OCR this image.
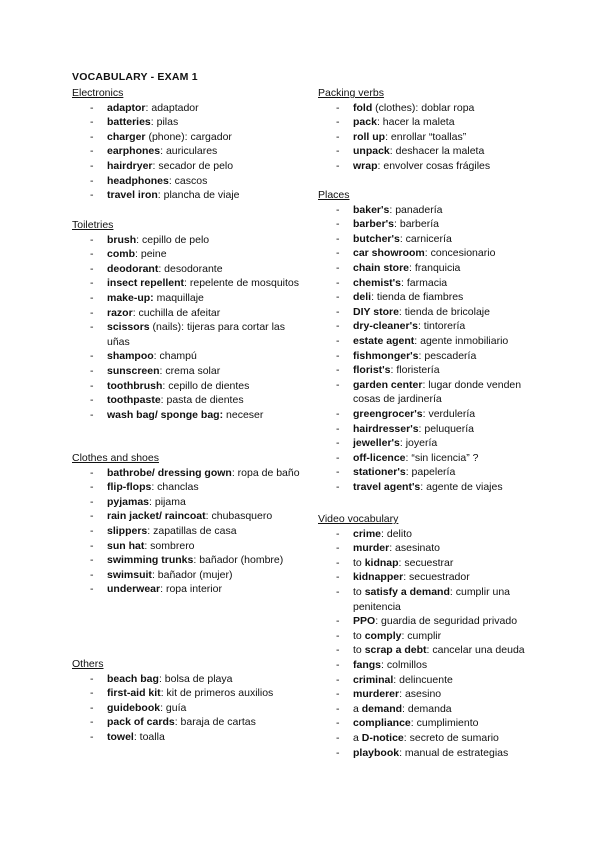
VOCABULARY - EXAM 1
Electronics
- adaptor: adaptador
- batteries: pilas
- charger (phone): cargador
- earphones: auriculares
- hairdryer: secador de pelo
- headphones: cascos
- travel iron: plancha de viaje
Toiletries
- brush: cepillo de pelo
- comb: peine
- deodorant: desodorante
- insect repellent: repelente de mosquitos
- make-up: maquillaje
- razor: cuchilla de afeitar
- scissors (nails): tijeras para cortar las uñas
- shampoo: champú
- sunscreen: crema solar
- toothbrush: cepillo de dientes
- toothpaste: pasta de dientes
- wash bag/ sponge bag: neceser
Clothes and shoes
- bathrobe/ dressing gown: ropa de baño
- flip-flops: chanclas
- pyjamas: pijama
- rain jacket/ raincoat: chubasquero
- slippers: zapatillas de casa
- sun hat: sombrero
- swimming trunks: bañador (hombre)
- swimsuit: bañador (mujer)
- underwear: ropa interior
Others
- beach bag: bolsa de playa
- first-aid kit: kit de primeros auxilios
- guidebook: guía
- pack of cards: baraja de cartas
- towel: toalla
Packing verbs
- fold (clothes): doblar ropa
- pack: hacer la maleta
- roll up: enrollar “toallas”
- unpack: deshacer la maleta
- wrap: envolver cosas frágiles
Places
- baker's: panadería
- barber's: barbería
- butcher's: carnicería
- car showroom: concesionario
- chain store: franquicia
- chemist's: farmacia
- deli: tienda de fiambres
- DIY store: tienda de bricolaje
- dry-cleaner's: tintorería
- estate agent: agente inmobiliario
- fishmonger's: pescadería
- florist's: floristería
- garden center: lugar donde venden cosas de jardinería
- greengrocer's: verdulería
- hairdresser's: peluquería
- jeweller's: joyería
- off-licence: “sin licencia” ?
- stationer's: papelería
- travel agent's: agente de viajes
Video vocabulary
- crime: delito
- murder: asesinato
- to kidnap: secuestrar
- kidnapper: secuestrador
- to satisfy a demand: cumplir una penitencia
- PPO: guardia de seguridad privado
- to comply: cumplir
- to scrap a debt: cancelar una deuda
- fangs: colmillos
- criminal: delincuente
- murderer: asesino
- a demand: demanda
- compliance: cumplimiento
- a D-notice: secreto de sumario
- playbook: manual de estrategias
